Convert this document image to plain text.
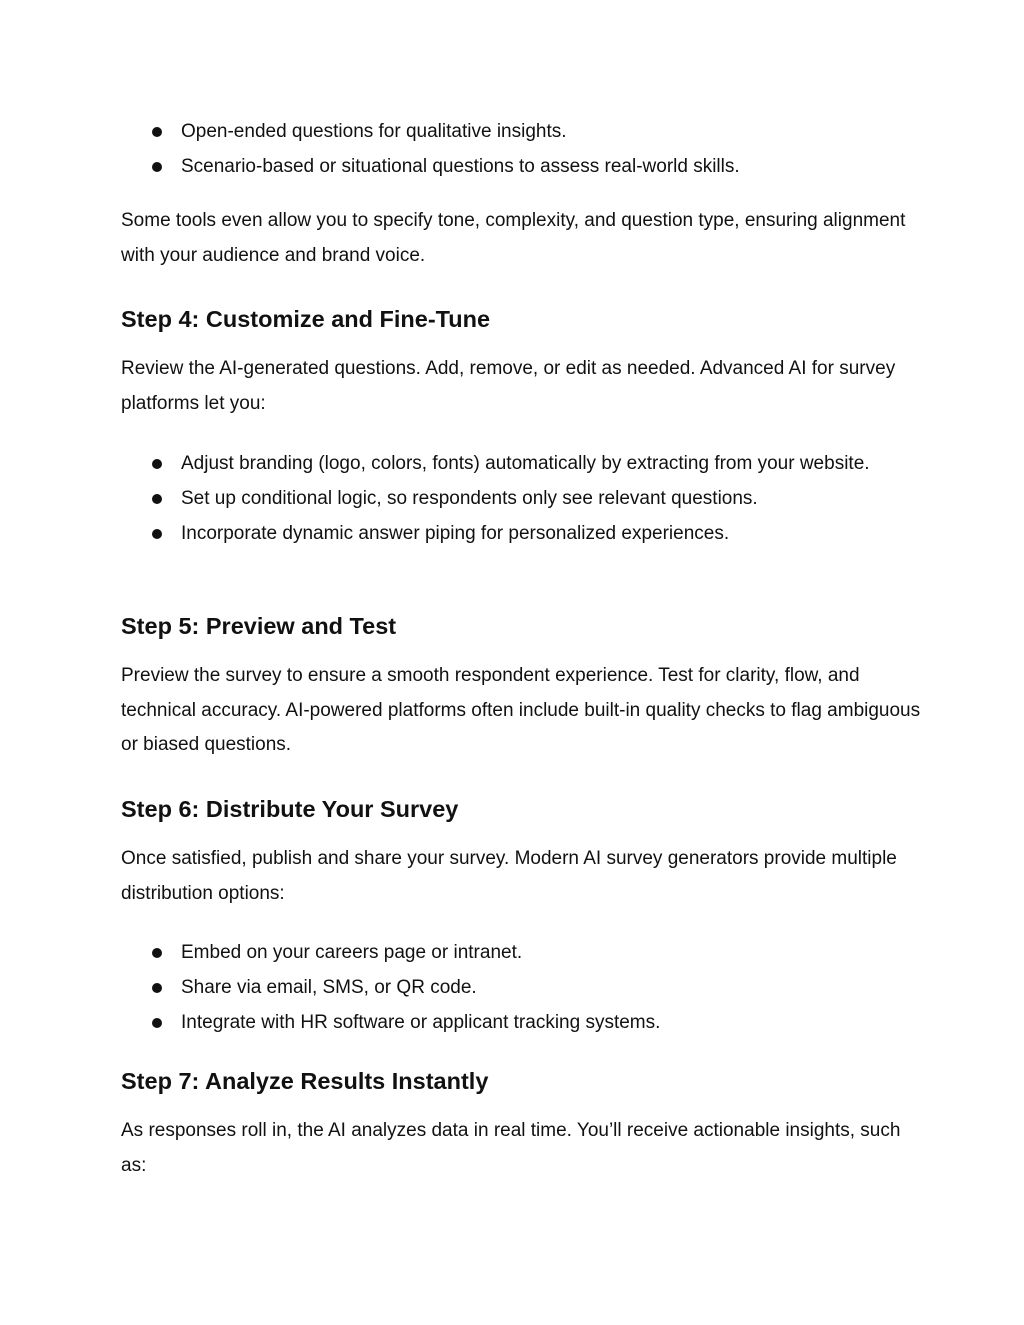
Open-ended questions for qualitative insights.
Scenario-based or situational questions to assess real-world skills.

Some tools even allow you to specify tone, complexity, and question type, ensuring alignment with your audience and brand voice.

Step 4: Customize and Fine-Tune

Review the AI-generated questions. Add, remove, or edit as needed. Advanced AI for survey platforms let you:

Adjust branding (logo, colors, fonts) automatically by extracting from your website.
Set up conditional logic, so respondents only see relevant questions.
Incorporate dynamic answer piping for personalized experiences.
Step 5: Preview and Test

Preview the survey to ensure a smooth respondent experience. Test for clarity, flow, and technical accuracy. AI-powered platforms often include built-in quality checks to flag ambiguous or biased questions.

Step 6: Distribute Your Survey

Once satisfied, publish and share your survey. Modern AI survey generators provide multiple distribution options:

Embed on your careers page or intranet.
Share via email, SMS, or QR code.
Integrate with HR software or applicant tracking systems.
Step 7: Analyze Results Instantly

As responses roll in, the AI analyzes data in real time. You’ll receive actionable insights, such as:
